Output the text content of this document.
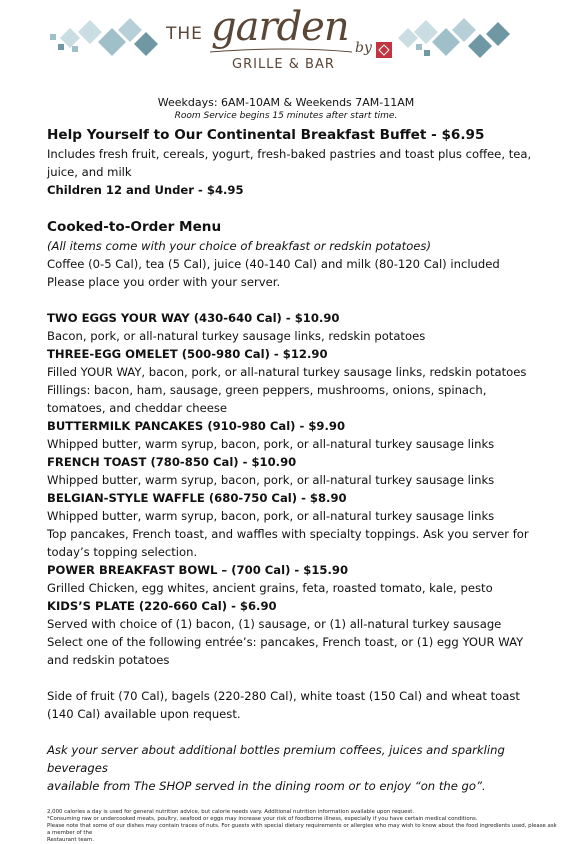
THE garden by
GRILLE & BAR
Weekdays: 6AM-10AM & Weekends 7AM-11AM
Room Service begins 15 minutes after start time.

Help Yourself to Our Continental Breakfast Buffet - $6.95

Includes fresh fruit, cereals, yogurt, fresh-baked pastries and toast plus coffee, tea,

juice, and milk

Children 12 and Under - $4.95

Cooked-to-Order Menu

(All items come with your choice of breakfast or redskin potatoes)

Coffee (0-5 Cal), tea (5 Cal), juice (40-140 Cal) and milk (80-120 Cal) included

Please place you order with your server.

TWO EGGS YOUR WAY (430-640 Cal) - $10.90

Bacon, pork, or all-natural turkey sausage links, redskin potatoes

THREE-EGG OMELET (500-980 Cal) - $12.90

Filled YOUR WAY, bacon, pork, or all-natural turkey sausage links, redskin potatoes

Fillings: bacon, ham, sausage, green peppers, mushrooms, onions, spinach,

tomatoes, and cheddar cheese

BUTTERMILK PANCAKES (910-980 Cal) - $9.90

Whipped butter, warm syrup, bacon, pork, or all-natural turkey sausage links

FRENCH TOAST (780-850 Cal) - $10.90

Whipped butter, warm syrup, bacon, pork, or all-natural turkey sausage links

BELGIAN-STYLE WAFFLE (680-750 Cal) - $8.90

Whipped butter, warm syrup, bacon, pork, or all-natural turkey sausage links

Top pancakes, French toast, and waffles with specialty toppings. Ask you server for

today’s topping selection.

POWER BREAKFAST BOWL – (700 Cal) - $15.90

Grilled Chicken, egg whites, ancient grains, feta, roasted tomato, kale, pesto

KIDS’S PLATE (220-660 Cal) - $6.90

Served with choice of (1) bacon, (1) sausage, or (1) all-natural turkey sausage

Select one of the following entrée’s: pancakes, French toast, or (1) egg YOUR WAY

and redskin potatoes

Side of fruit (70 Cal), bagels (220-280 Cal), white toast (150 Cal) and wheat toast

(140 Cal) available upon request.

Ask your server about additional bottles premium coffees, juices and sparkling beverages

available from The SHOP served in the dining room or to enjoy “on the go”.

2,000 calories a day is used for general nutrition advice, but calorie needs vary. Additional nutrition information available upon request.

*Consuming raw or undercooked meats, poultry, seafood or eggs may increase your risk of foodborne illness, especially if you have certain medical conditions.

Please note that some of our dishes may contain traces of nuts. For guests with special dietary requirements or allergies who may wish to know about the food ingredients used, please ask a member of the

Restaurant team.
